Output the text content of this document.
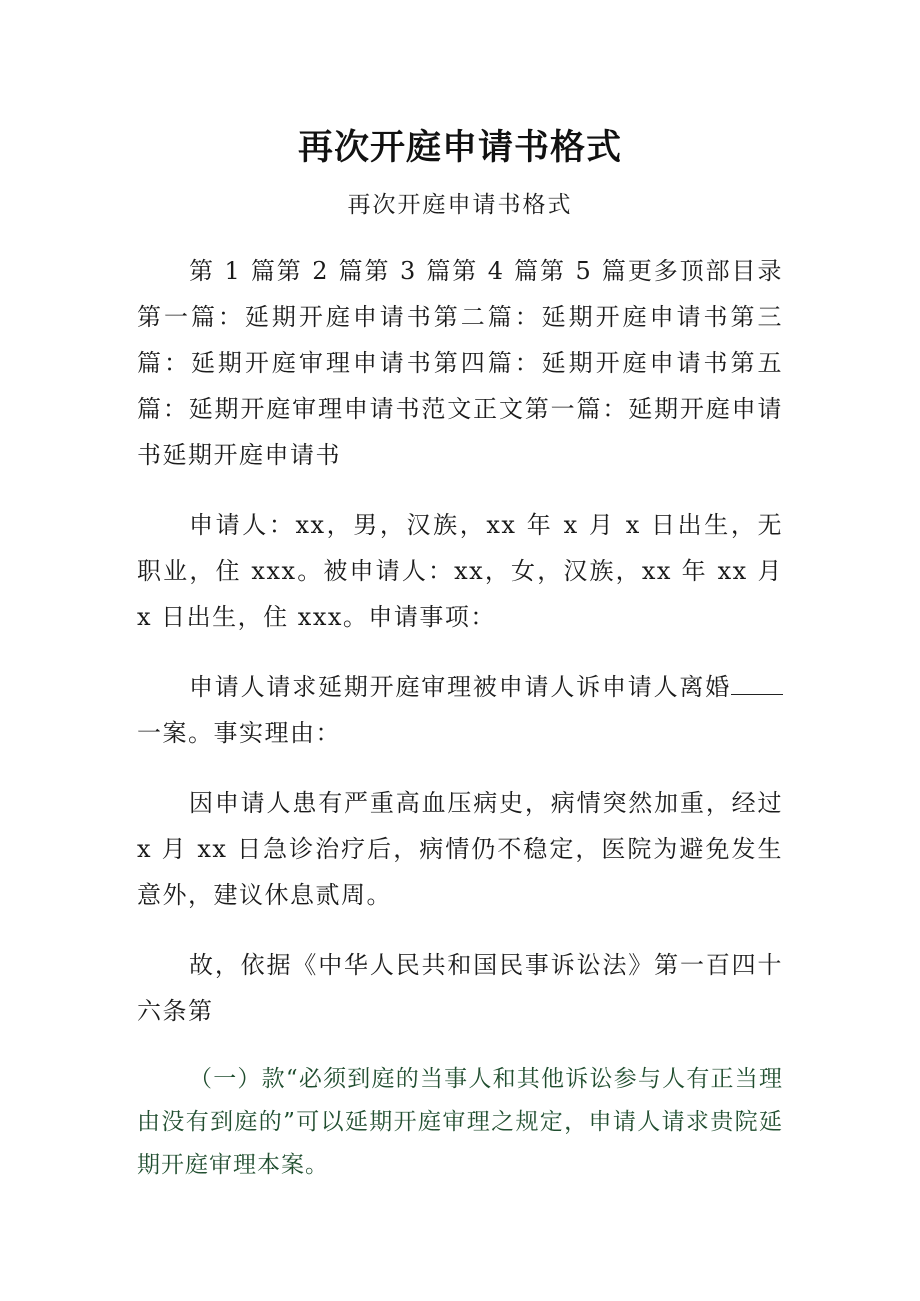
再次开庭申请书格式
再次开庭申请书格式

第 1 篇第 2 篇第 3 篇第 4 篇第 5 篇更多顶部目录第一篇：延期开庭申请书第二篇：延期开庭申请书第三篇：延期开庭审理申请书第四篇：延期开庭申请书第五篇：延期开庭审理申请书范文正文第一篇：延期开庭申请书延期开庭申请书

申请人：xx，男，汉族，xx 年 x 月 x 日出生，无职业，住 xxx。被申请人：xx，女，汉族，xx 年 xx 月 x 日出生，住 xxx。申请事项：

申请人请求延期开庭审理被申请人诉申请人离婚一案。事实理由：

因申请人患有严重高血压病史，病情突然加重，经过 x 月 xx 日急诊治疗后，病情仍不稳定，医院为避免发生意外，建议休息贰周。

故，依据《中华人民共和国民事诉讼法》第一百四十六条第

（一）款“必须到庭的当事人和其他诉讼参与人有正当理由没有到庭的”可以延期开庭审理之规定，申请人请求贵院延期开庭审理本案。
